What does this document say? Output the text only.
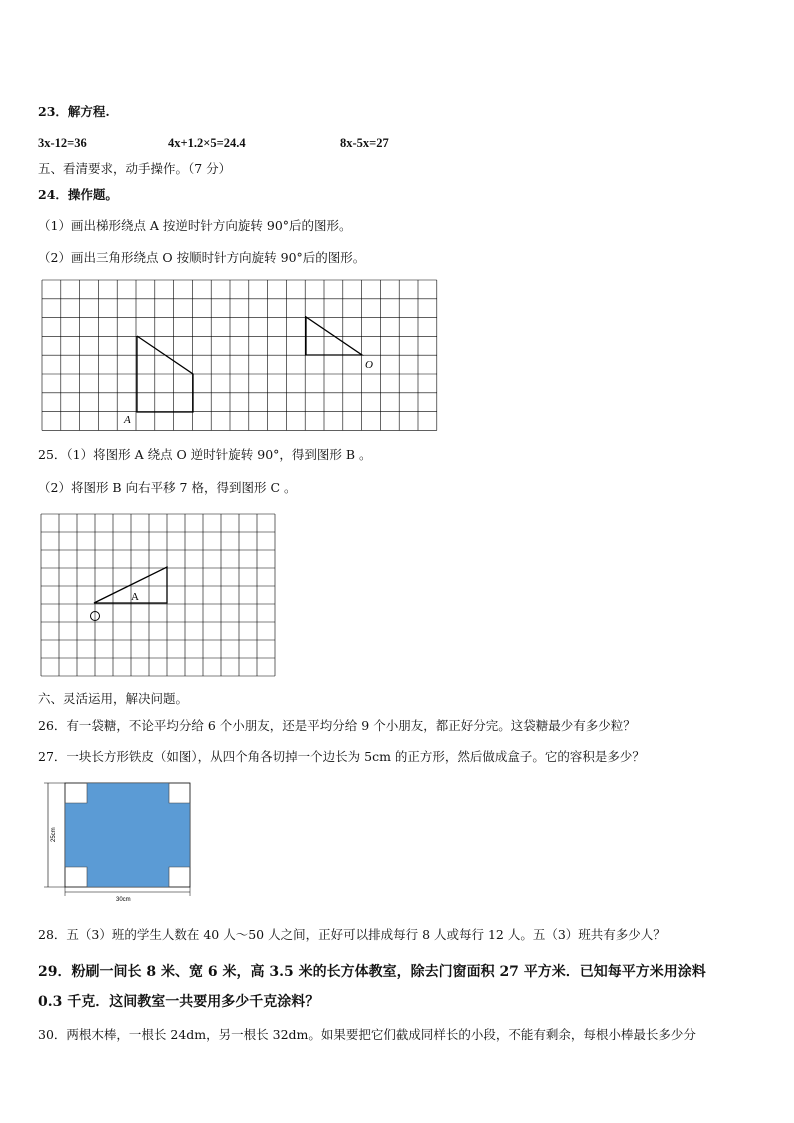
23．解方程.
3x-12=36	4x+1.2×5=24.4	8x-5x=27
五、看清要求，动手操作。（7 分）
24．操作题。
（1）画出梯形绕点 A 按逆时针方向旋转 90°后的图形。
（2）画出三角形绕点 O 按顺时针方向旋转 90°后的图形。
A
O
25．（1）将图形 A 绕点 O 逆时针旋转 90°，得到图形 B 。
（2）将图形 B 向右平移 7 格，得到图形 C 。
A
六、灵活运用，解决问题。
26．有一袋糖，不论平均分给 6 个小朋友，还是平均分给 9 个小朋友，都正好分完。这袋糖最少有多少粒？
27．一块长方形铁皮（如图），从四个角各切掉一个边长为 5cm 的正方形，然后做成盒子。它的容积是多少？
30cm
25cm
28．五（3）班的学生人数在 40 人～50 人之间，正好可以排成每行 8 人或每行 12 人。五（3）班共有多少人？
29．粉刷一间长 8 米、宽 6 米，高 3.5 米的长方体教室，除去门窗面积 27 平方米．已知每平方米用涂料
0.3 千克．这间教室一共要用多少千克涂料？
30．两根木棒，一根长 24dm，另一根长 32dm。如果要把它们截成同样长的小段，不能有剩余，每根小棒最长多少分
